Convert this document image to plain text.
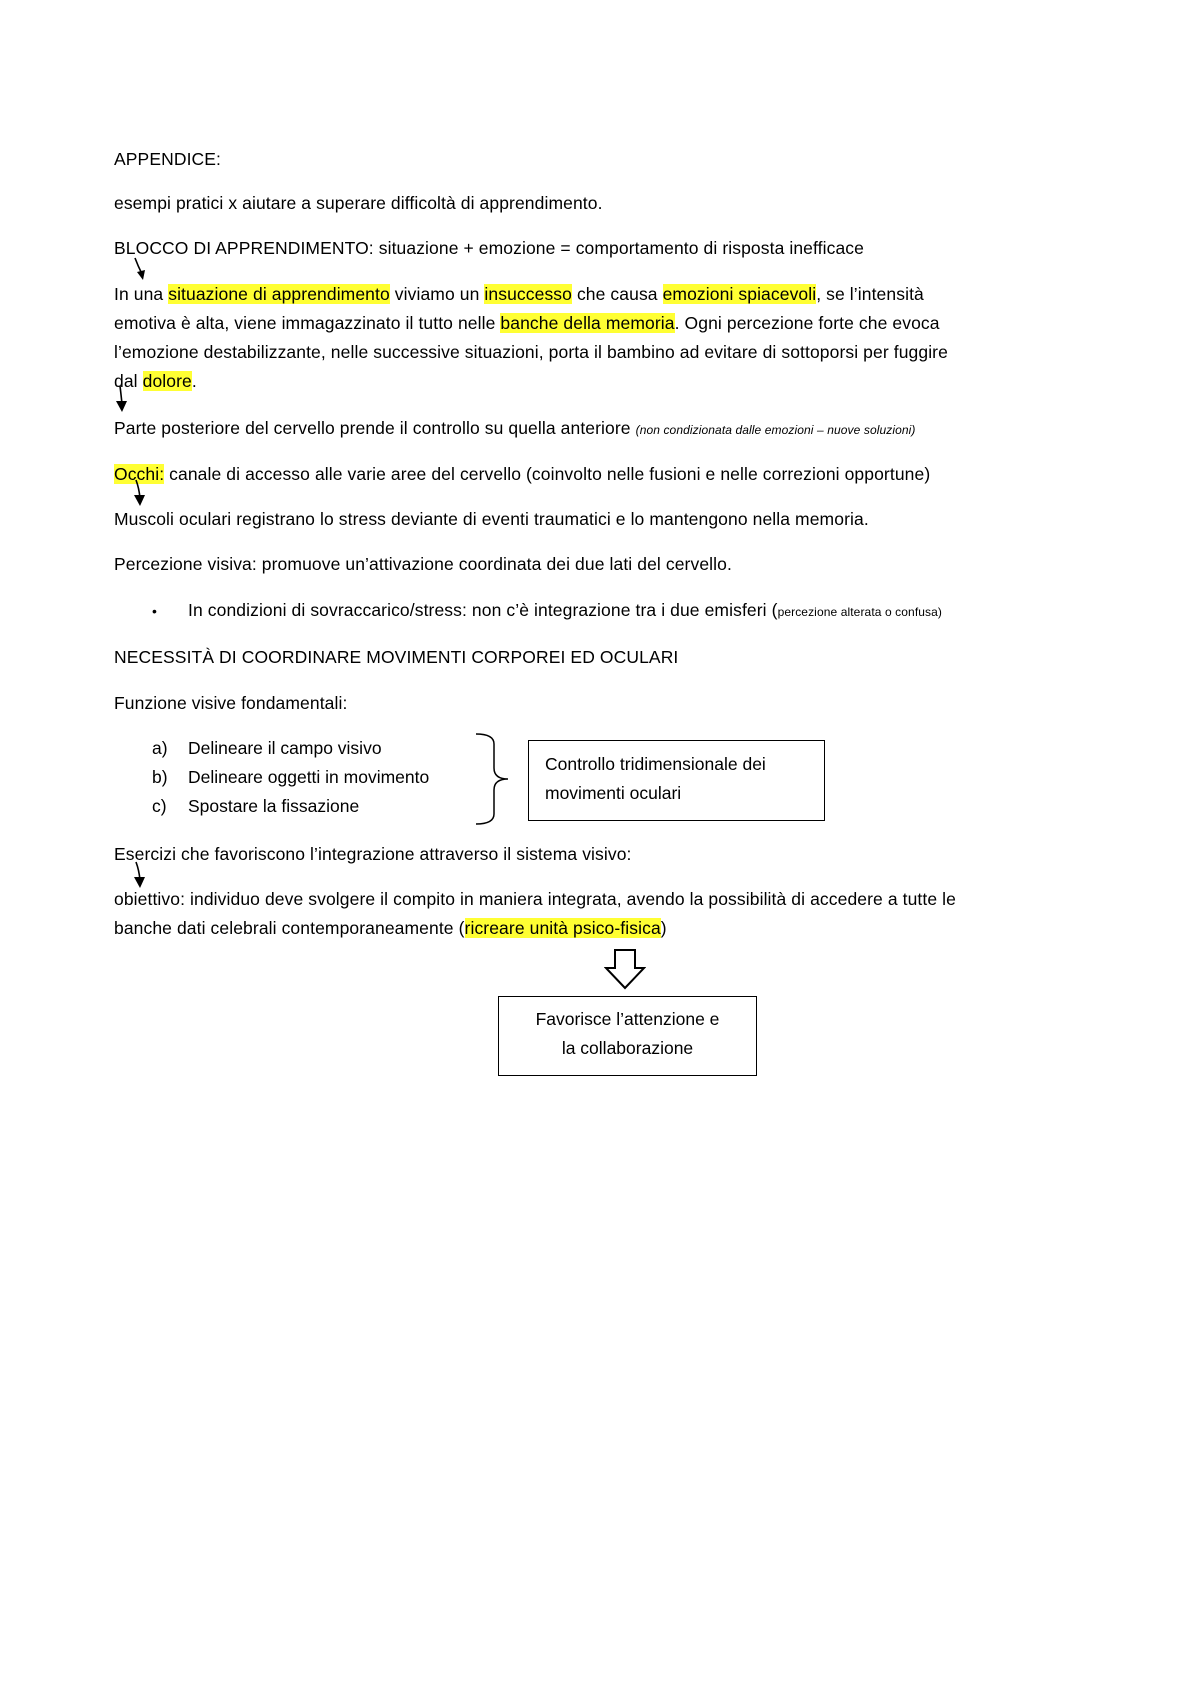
APPENDICE:
esempi pratici x aiutare a superare difficoltà di apprendimento.
BLOCCO DI APPRENDIMENTO: situazione + emozione = comportamento di risposta inefficace
In una situazione di apprendimento viviamo un insuccesso che causa emozioni spiacevoli, se l’intensità
emotiva è alta, viene immagazzinato il tutto nelle banche della memoria. Ogni percezione forte che evoca
l’emozione destabilizzante, nelle successive situazioni, porta il bambino ad evitare di sottoporsi per fuggire
dal dolore.
Parte posteriore del cervello prende il controllo su quella anteriore (non condizionata dalle emozioni – nuove soluzioni)
Occhi: canale di accesso alle varie aree del cervello (coinvolto nelle fusioni e nelle correzioni opportune)
Muscoli oculari registrano lo stress deviante di eventi traumatici e lo mantengono nella memoria.
Percezione visiva: promuove un’attivazione coordinata dei due lati del cervello.
• In condizioni di sovraccarico/stress: non c’è integrazione tra i due emisferi (percezione alterata o confusa)
NECESSITÀ DI COORDINARE MOVIMENTI CORPOREI ED OCULARI
Funzione visive fondamentali:
a) Delineare il campo visivo
b) Delineare oggetti in movimento
c) Spostare la fissazione
Controllo tridimensionale dei
movimenti oculari
Esercizi che favoriscono l’integrazione attraverso il sistema visivo:
obiettivo: individuo deve svolgere il compito in maniera integrata, avendo la possibilità di accedere a tutte le
banche dati celebrali contemporaneamente (ricreare unità psico-fisica)
Favorisce l’attenzione e
la collaborazione
